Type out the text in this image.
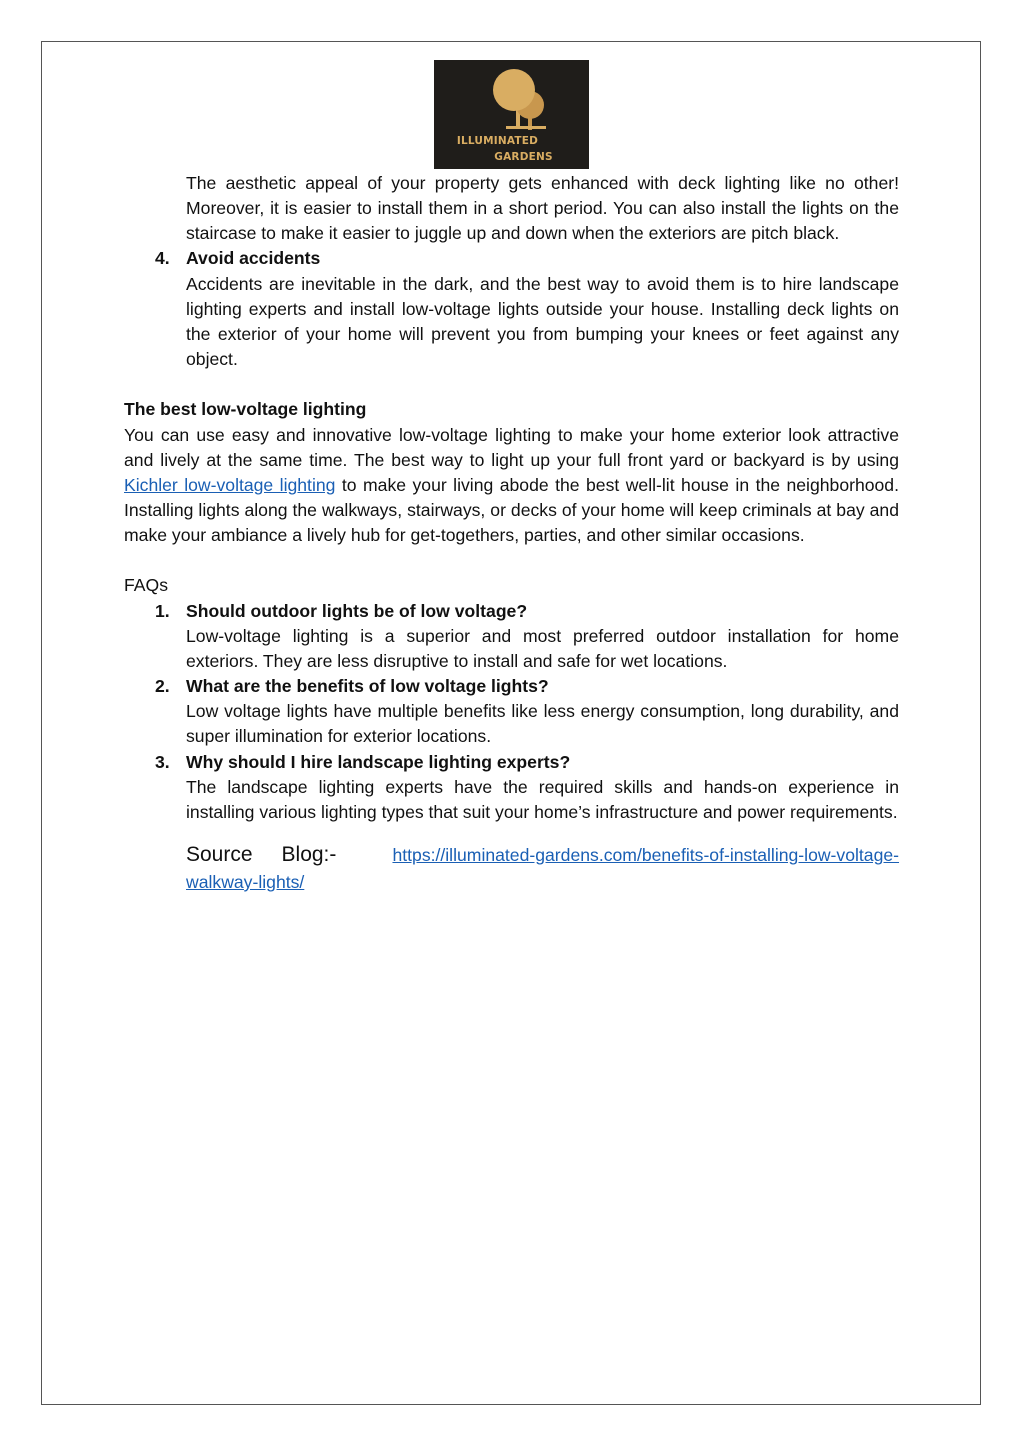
ILLUMINATED
GARDENS

The aesthetic appeal of your property gets enhanced with deck lighting like no other! Moreover, it is easier to install them in a short period. You can also install the lights on the staircase to make it easier to juggle up and down when the exteriors are pitch black.

4. Avoid accidents

Accidents are inevitable in the dark, and the best way to avoid them is to hire landscape lighting experts and install low-voltage lights outside your house. Installing deck lights on the exterior of your home will prevent you from bumping your knees or feet against any object.

The best low-voltage lighting

You can use easy and innovative low-voltage lighting to make your home exterior look attractive and lively at the same time. The best way to light up your full front yard or backyard is by using Kichler low-voltage lighting to make your living abode the best well-lit house in the neighborhood. Installing lights along the walkways, stairways, or decks of your home will keep criminals at bay and make your ambiance a lively hub for get-togethers, parties, and other similar occasions.

FAQs
1. Should outdoor lights be of low voltage?

Low-voltage lighting is a superior and most preferred outdoor installation for home exteriors. They are less disruptive to install and safe for wet locations.

2. What are the benefits of low voltage lights?

Low voltage lights have multiple benefits like less energy consumption, long durability, and super illumination for exterior locations.

3. Why should I hire landscape lighting experts?

The landscape lighting experts have the required skills and hands-on experience in installing various lighting types that suit your home’s infrastructure and power requirements.

Source Blog:-	https://illuminated-gardens.com/benefits-of-installing-low-voltage-walkway-lights/
